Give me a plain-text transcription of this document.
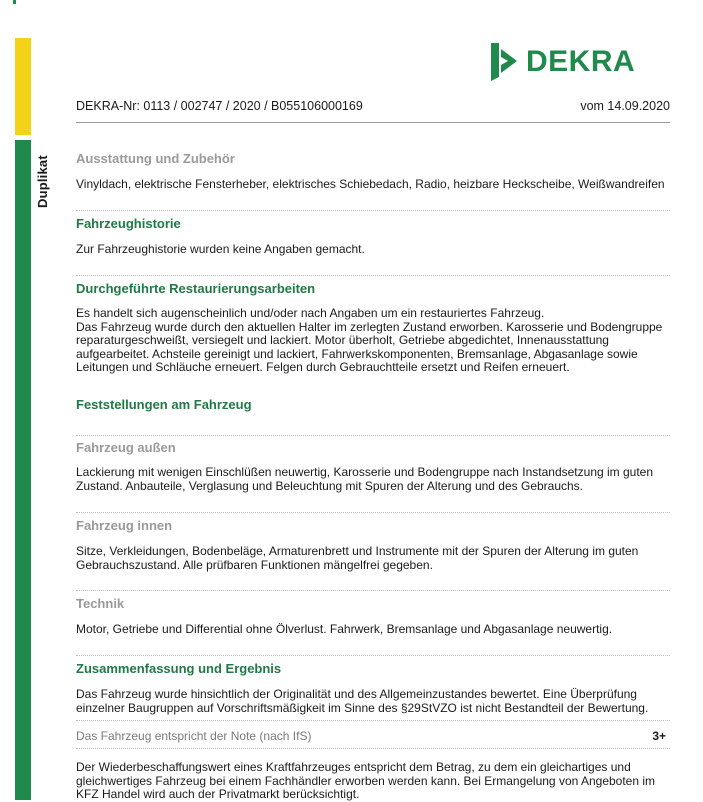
Duplikat
DEKRA
DEKRA-Nr: 0113 / 002747 / 2020 / B055106000169	vom 14.09.2020
Ausstattung und Zubehör
Vinyldach, elektrische Fensterheber, elektrisches Schiebedach, Radio, heizbare Heckscheibe, Weißwandreifen
Fahrzeughistorie
Zur Fahrzeughistorie wurden keine Angaben gemacht.
Durchgeführte Restaurierungsarbeiten
Es handelt sich augenscheinlich und/oder nach Angaben um ein restauriertes Fahrzeug.
Das Fahrzeug wurde durch den aktuellen Halter im zerlegten Zustand erworben. Karosserie und Bodengruppe
reparaturgeschweißt, versiegelt und lackiert. Motor überholt, Getriebe abgedichtet, Innenausstattung
aufgearbeitet. Achsteile gereinigt und lackiert, Fahrwerkskomponenten, Bremsanlage, Abgasanlage sowie
Leitungen und Schläuche erneuert. Felgen durch Gebrauchtteile ersetzt und Reifen erneuert.
Feststellungen am Fahrzeug
Fahrzeug außen
Lackierung mit wenigen Einschlüßen neuwertig, Karosserie und Bodengruppe nach Instandsetzung im guten
Zustand. Anbauteile, Verglasung und Beleuchtung mit Spuren der Alterung und des Gebrauchs.
Fahrzeug innen
Sitze, Verkleidungen, Bodenbeläge, Armaturenbrett und Instrumente mit der Spuren der Alterung im guten
Gebrauchszustand. Alle prüfbaren Funktionen mängelfrei gegeben.
Technik
Motor, Getriebe und Differential ohne Ölverlust. Fahrwerk, Bremsanlage und Abgasanlage neuwertig.
Zusammenfassung und Ergebnis
Das Fahrzeug wurde hinsichtlich der Originalität und des Allgemeinzustandes bewertet. Eine Überprüfung
einzelner Baugruppen auf Vorschriftsmäßigkeit im Sinne des §29StVZO ist nicht Bestandteil der Bewertung.
Das Fahrzeug entspricht der Note (nach IfS)	3+
Der Wiederbeschaffungswert eines Kraftfahrzeuges entspricht dem Betrag, zu dem ein gleichartiges und
gleichwertiges Fahrzeug bei einem Fachhändler erworben werden kann. Bei Ermangelung von Angeboten im
KFZ Handel wird auch der Privatmarkt berücksichtigt.
